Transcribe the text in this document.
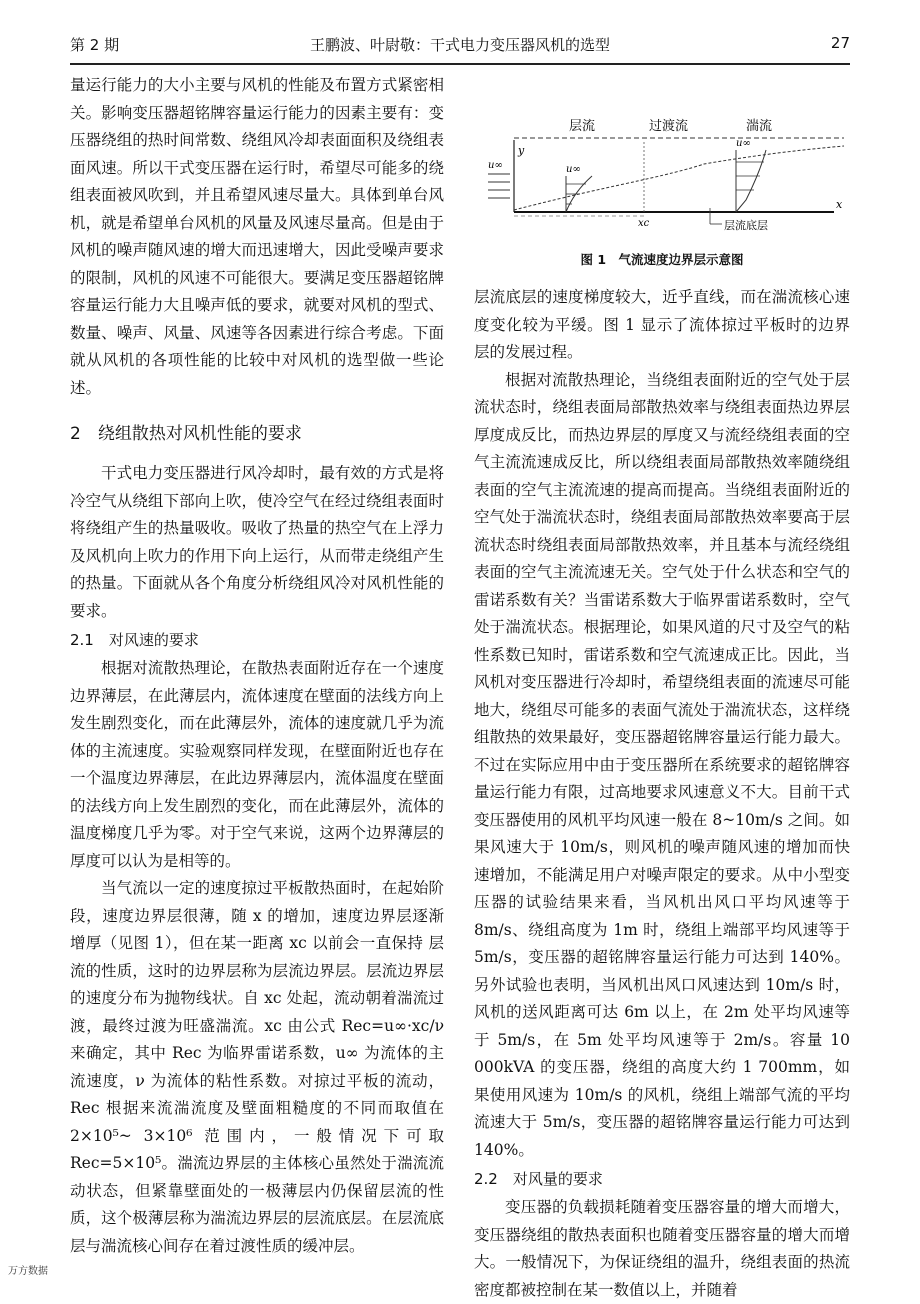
第 2 期	王鹏波、叶尉敬：干式电力变压器风机的选型	27

量运行能力的大小主要与风机的性能及布置方式紧密相关。影响变压器超铭牌容量运行能力的因素主要有：变压器绕组的热时间常数、绕组风冷却表面面积及绕组表面风速。所以干式变压器在运行时，希望尽可能多的绕组表面被风吹到，并且希望风速尽量大。具体到单台风机，就是希望单台风机的风量及风速尽量高。但是由于风机的噪声随风速的增大而迅速增大，因此受噪声要求的限制，风机的风速不可能很大。要满足变压器超铭牌容量运行能力大且噪声低的要求，就要对风机的型式、数量、噪声、风量、风速等各因素进行综合考虑。下面就从风机的各项性能的比较中对风机的选型做一些论述。

2　绕组散热对风机性能的要求

干式电力变压器进行风冷却时，最有效的方式是将冷空气从绕组下部向上吹，使冷空气在经过绕组表面时将绕组产生的热量吸收。吸收了热量的热空气在上浮力及风机向上吹力的作用下向上运行，从而带走绕组产生的热量。下面就从各个角度分析绕组风冷对风机性能的要求。

2.1　对风速的要求

根据对流散热理论，在散热表面附近存在一个速度边界薄层，在此薄层内，流体速度在壁面的法线方向上发生剧烈变化，而在此薄层外，流体的速度就几乎为流体的主流速度。实验观察同样发现，在壁面附近也存在一个温度边界薄层，在此边界薄层内，流体温度在壁面的法线方向上发生剧烈的变化，而在此薄层外，流体的温度梯度几乎为零。对于空气来说，这两个边界薄层的厚度可以认为是相等的。

当气流以一定的速度掠过平板散热面时，在起始阶段，速度边界层很薄，随 x 的增加，速度边界层逐渐增厚（见图 1），但在某一距离 xc 以前会一直保持 层流的性质，这时的边界层称为层流边界层。层流边界层的速度分布为抛物线状。自 xc 处起，流动朝着湍流过渡，最终过渡为旺盛湍流。xc 由公式 Rec=u∞·xc/ν 来确定，其中 Rec 为临界雷诺系数，u∞ 为流体的主流速度，ν 为流体的粘性系数。对掠过平板的流动，Rec 根据来流湍流度及壁面粗糙度的不同而取值在 2×10⁵~ 3×10⁶ 范围内，一般情况下可取 Rec=5×10⁵。湍流边界层的主体核心虽然处于湍流流动状态，但紧靠壁面处的一极薄层内仍保留层流的性质，这个极薄层称为湍流边界层的层流底层。在层流底层与湍流核心间存在着过渡性质的缓冲层。

层流	过渡流	湍流
y
u∞
x
u∞
xc
u∞
层流底层
图 1　气流速度边界层示意图

层流底层的速度梯度较大，近乎直线，而在湍流核心速度变化较为平缓。图 1 显示了流体掠过平板时的边界层的发展过程。

根据对流散热理论，当绕组表面附近的空气处于层流状态时，绕组表面局部散热效率与绕组表面热边界层厚度成反比，而热边界层的厚度又与流经绕组表面的空气主流流速成反比，所以绕组表面局部散热效率随绕组表面的空气主流流速的提高而提高。当绕组表面附近的空气处于湍流状态时，绕组表面局部散热效率要高于层流状态时绕组表面局部散热效率，并且基本与流经绕组表面的空气主流流速无关。空气处于什么状态和空气的雷诺系数有关？当雷诺系数大于临界雷诺系数时，空气处于湍流状态。根据理论，如果风道的尺寸及空气的粘性系数已知时，雷诺系数和空气流速成正比。因此，当风机对变压器进行冷却时，希望绕组表面的流速尽可能地大，绕组尽可能多的表面气流处于湍流状态，这样绕组散热的效果最好，变压器超铭牌容量运行能力最大。不过在实际应用中由于变压器所在系统要求的超铭牌容量运行能力有限，过高地要求风速意义不大。目前干式变压器使用的风机平均风速一般在 8~10m/s 之间。如果风速大于 10m/s，则风机的噪声随风速的增加而快速增加，不能满足用户对噪声限定的要求。从中小型变压器的试验结果来看，当风机出风口平均风速等于 8m/s、绕组高度为 1m 时，绕组上端部平均风速等于 5m/s，变压器的超铭牌容量运行能力可达到 140%。另外试验也表明，当风机出风口风速达到 10m/s 时，风机的送风距离可达 6m 以上，在 2m 处平均风速等于 5m/s，在 5m 处平均风速等于 2m/s。容量 10 000kVA 的变压器，绕组的高度大约 1 700mm，如果使用风速为 10m/s 的风机，绕组上端部气流的平均流速大于 5m/s，变压器的超铭牌容量运行能力可达到 140%。

2.2　对风量的要求

变压器的负载损耗随着变压器容量的增大而增大，变压器绕组的散热表面积也随着变压器容量的增大而增大。一般情况下，为保证绕组的温升，绕组表面的热流密度都被控制在某一数值以上，并随着

万方数据
